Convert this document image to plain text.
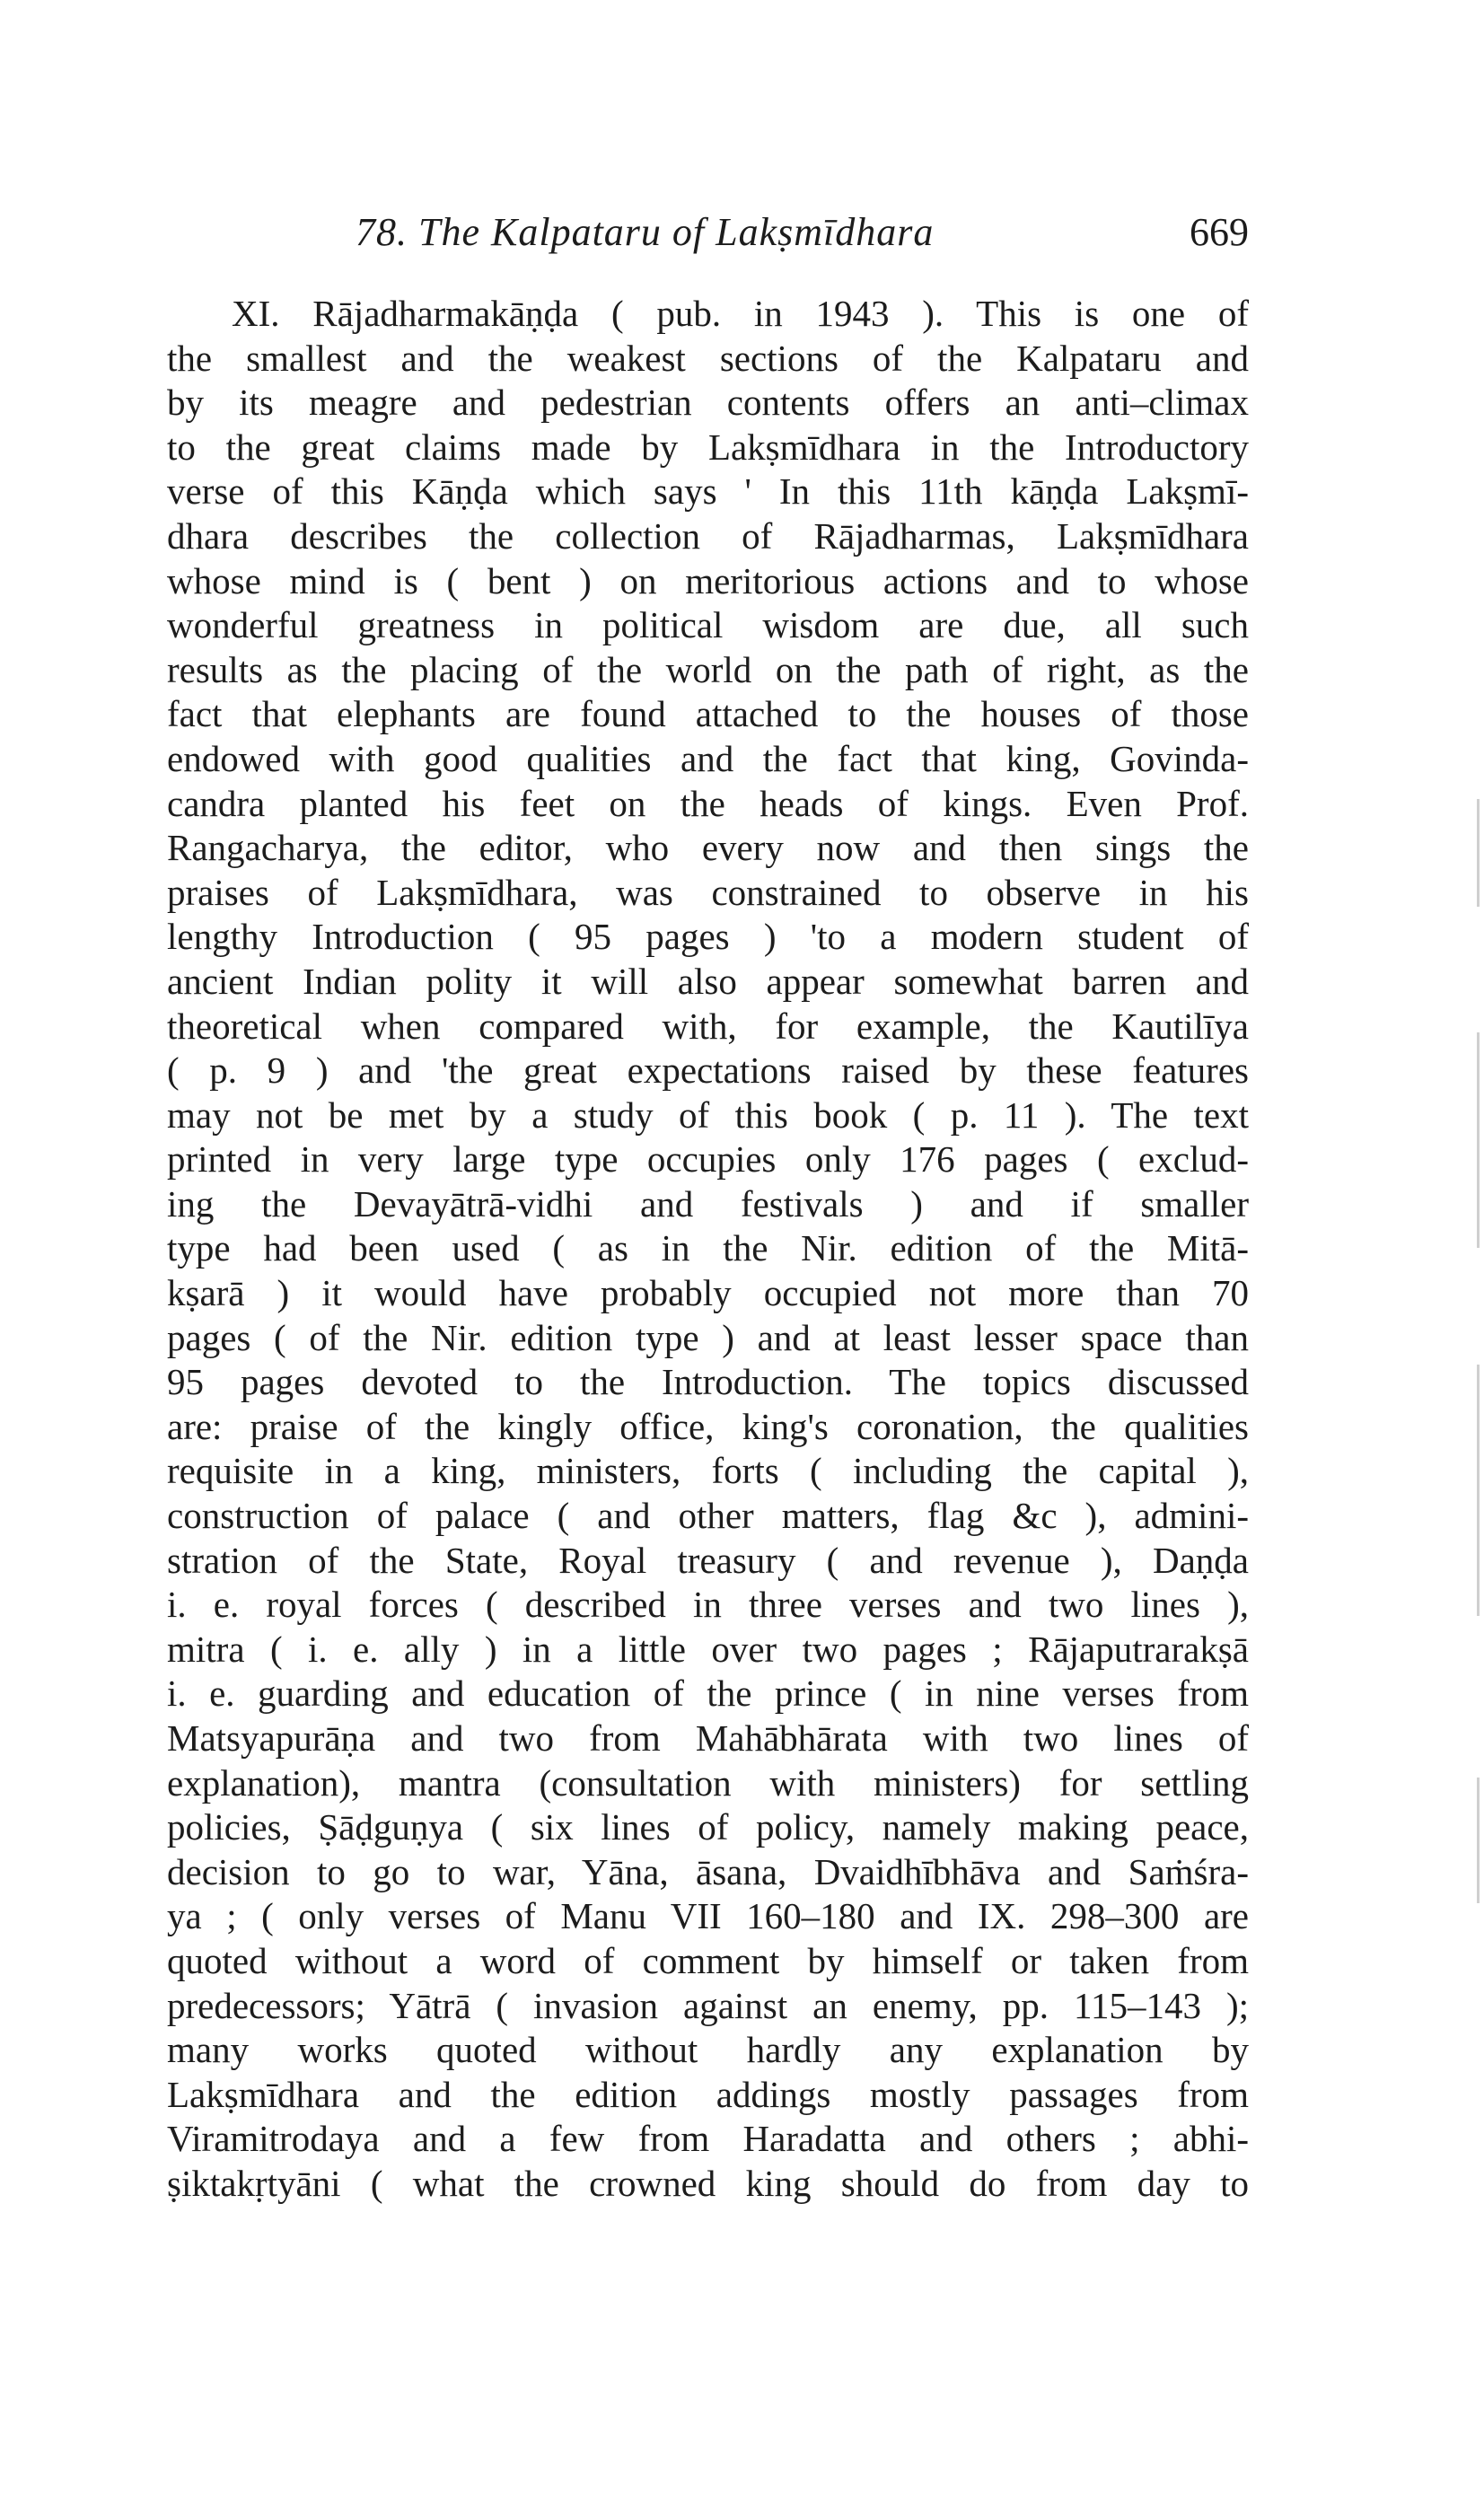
78. The Kalpataru of Lakṣmīdhara	669
XI. Rājadharmakāṇḍa ( pub. in 1943 ). This is one of
the smallest and the weakest sections of the Kalpataru and
by its meagre and pedestrian contents offers an anti–climax
to the great claims made by Lakṣmīdhara in the Introductory
verse of this Kāṇḍa which says ' In this 11th kāṇḍa Lakṣmī-
dhara describes the collection of Rājadharmas, Lakṣmīdhara
whose mind is ( bent ) on meritorious actions and to whose
wonderful greatness in political wisdom are due, all such
results as the placing of the world on the path of right, as the
fact that elephants are found attached to the houses of those
endowed with good qualities and the fact that king, Govinda-
candra planted his feet on the heads of kings. Even Prof.
Rangacharya, the editor, who every now and then sings the
praises of Lakṣmīdhara, was constrained to observe in his
lengthy Introduction ( 95 pages ) 'to a modern student of
ancient Indian polity it will also appear somewhat barren and
theoretical when compared with, for example, the Kautilīya
( p. 9 ) and 'the great expectations raised by these features
may not be met by a study of this book ( p. 11 ). The text
printed in very large type occupies only 176 pages ( exclud-
ing the Devayātrā-vidhi and festivals ) and if smaller
type had been used ( as in the Nir. edition of the Mitā-
kṣarā ) it would have probably occupied not more than 70
pages ( of the Nir. edition type ) and at least lesser space than
95 pages devoted to the Introduction. The topics discussed
are: praise of the kingly office, king's coronation, the qualities
requisite in a king, ministers, forts ( including the capital ),
construction of palace ( and other matters, flag &c ), admini-
stration of the State, Royal treasury ( and revenue ), Daṇḍa
i. e. royal forces ( described in three verses and two lines ),
mitra ( i. e. ally ) in a little over two pages ; Rājaputrarakṣā
i. e. guarding and education of the prince ( in nine verses from
Matsyapurāṇa and two from Mahābhārata with two lines of
explanation), mantra (consultation with ministers) for settling
policies, Ṣāḍguṇya ( six lines of policy, namely making peace,
decision to go to war, Yāna, āsana, Dvaidhībhāva and Saṁśra-
ya ; ( only verses of Manu VII 160–180 and IX. 298–300 are
quoted without a word of comment by himself or taken from
predecessors; Yātrā ( invasion against an enemy, pp. 115–143 );
many works quoted without hardly any explanation by
Lakṣmīdhara and the edition addings mostly passages from
Viramitrodaya and a few from Haradatta and others ; abhi-
ṣiktakṛtyāni ( what the crowned king should do from day to
